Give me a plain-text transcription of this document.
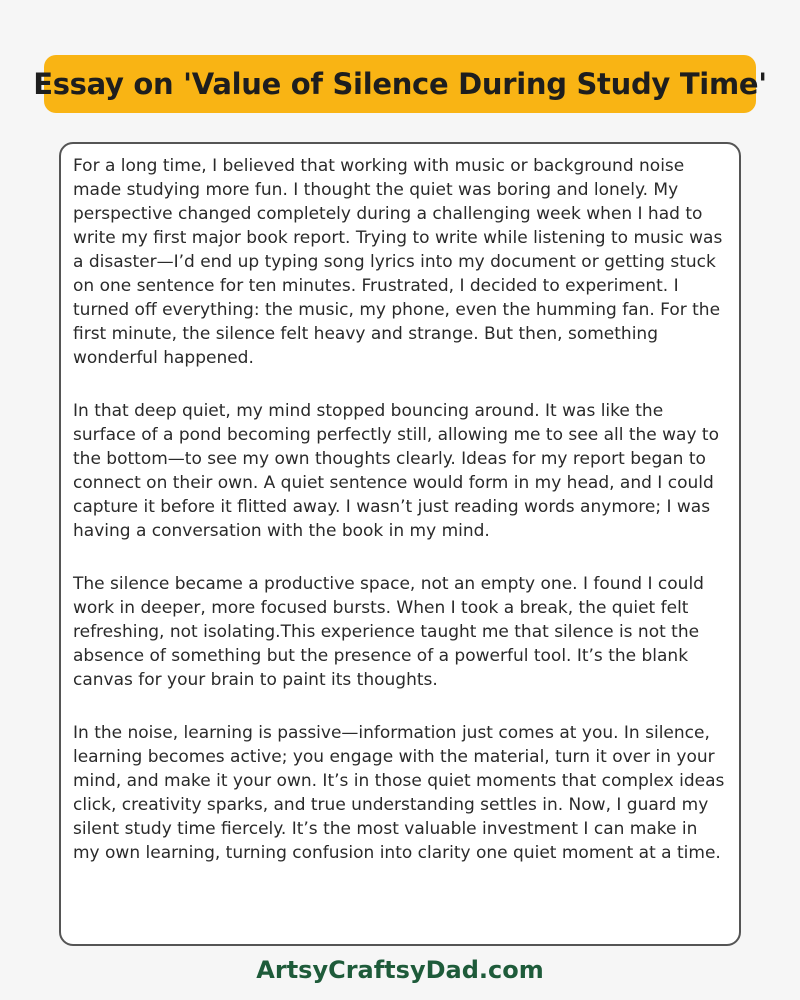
Essay on 'Value of Silence During Study Time'

For a long time, I believed that working with music or background noise made studying more fun. I thought the quiet was boring and lonely. My perspective changed completely during a challenging week when I had to write my first major book report. Trying to write while listening to music was a disaster—I’d end up typing song lyrics into my document or getting stuck on one sentence for ten minutes. Frustrated, I decided to experiment. I turned off everything: the music, my phone, even the humming fan. For the first minute, the silence felt heavy and strange. But then, something wonderful happened.

In that deep quiet, my mind stopped bouncing around. It was like the surface of a pond becoming perfectly still, allowing me to see all the way to the bottom—to see my own thoughts clearly. Ideas for my report began to connect on their own. A quiet sentence would form in my head, and I could capture it before it flitted away. I wasn’t just reading words anymore; I was having a conversation with the book in my mind.

The silence became a productive space, not an empty one. I found I could work in deeper, more focused bursts. When I took a break, the quiet felt refreshing, not isolating.This experience taught me that silence is not the absence of something but the presence of a powerful tool. It’s the blank canvas for your brain to paint its thoughts.

In the noise, learning is passive—information just comes at you. In silence, learning becomes active; you engage with the material, turn it over in your mind, and make it your own. It’s in those quiet moments that complex ideas click, creativity sparks, and true understanding settles in. Now, I guard my silent study time fiercely. It’s the most valuable investment I can make in my own learning, turning confusion into clarity one quiet moment at a time.

ArtsyCraftsyDad.com
